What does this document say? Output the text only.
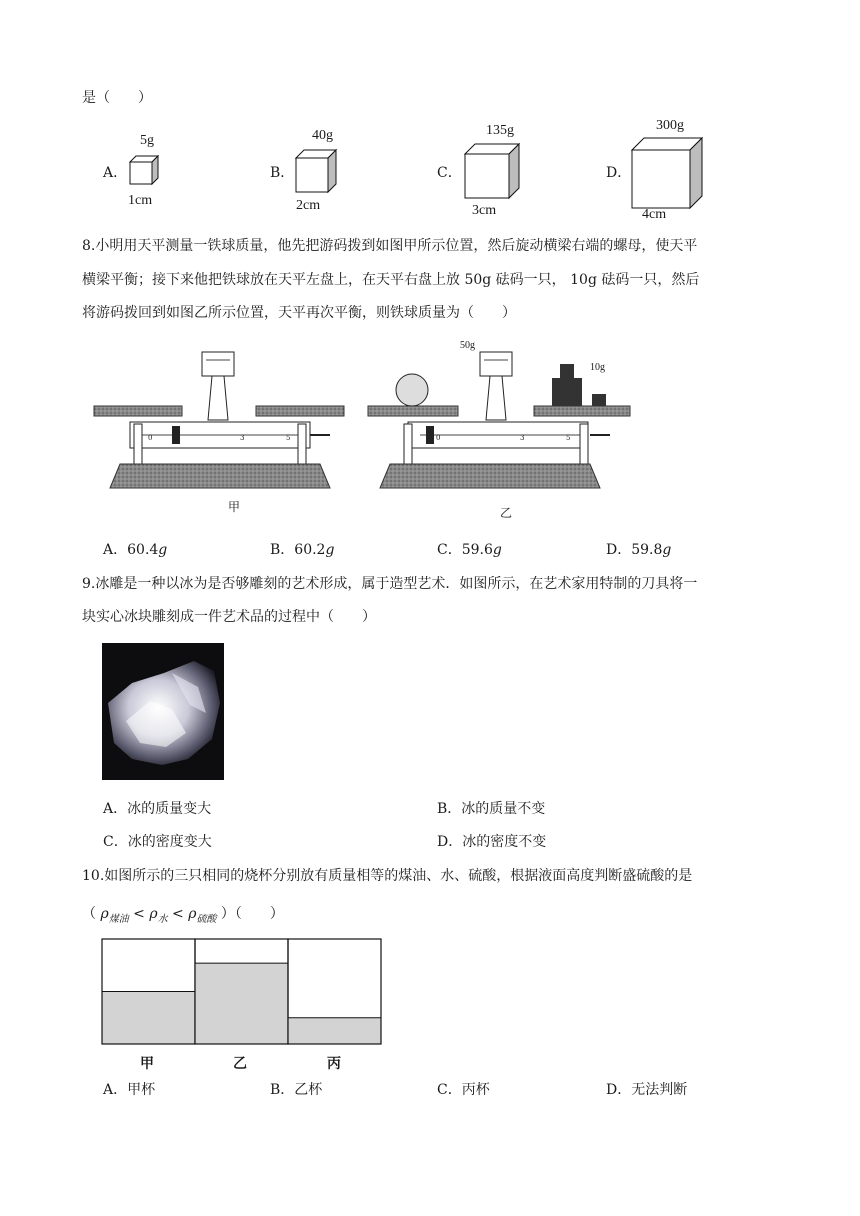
是（　　）
A．
5g
1cm
B．
40g
2cm
C．
135g
3cm
D．
300g
4cm
8.小明用天平测量一铁球质量，他先把游码拨到如图甲所示位置，然后旋动横梁右端的螺母，使天平
横梁平衡；接下来他把铁球放在天平左盘上，在天平右盘上放 50g 砝码一只， 10g 砝码一只，然后
将游码拨回到如图乙所示位置，天平再次平衡，则铁球质量为（　　）
0	3	5	0	3	5
50g
10g
甲	乙
A．60.4g	B．60.2g	C．59.6g	D．59.8g
9.冰雕是一种以冰为是否够雕刻的艺术形成，属于造型艺术．如图所示，在艺术家用特制的刀具将一
块实心冰块雕刻成一件艺术品的过程中（　　）
A．冰的质量变大	B．冰的质量不变
C．冰的密度变大	D．冰的密度不变
10.如图所示的三只相同的烧杯分别放有质量相等的煤油、水、硫酸，根据液面高度判断盛硫酸的是
（ $\rho_{煤油} < \rho_水 < \rho_{硫酸}$ ）（　　）
甲	乙	丙
A．甲杯	B．乙杯	C．丙杯	D．无法判断
